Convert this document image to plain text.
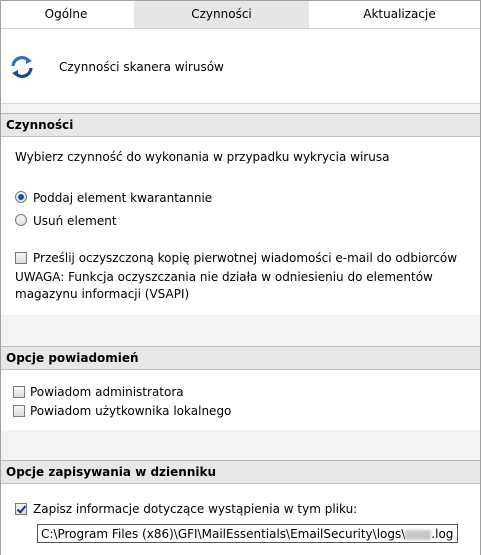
Ogólne	Czynności	Aktualizacje
Czynności skanera wirusów
Czynności
Wybierz czynność do wykonania w przypadku wykrycia wirusa
Poddaj element kwarantannie
Usuń element
Prześlij oczyszczoną kopię pierwotnej wiadomości e-mail do odbiorców
UWAGA: Funkcja oczyszczania nie działa w odniesieniu do elementów magazynu informacji (VSAPI)
Opcje powiadomień
Powiadom administratora
Powiadom użytkownika lokalnego
Opcje zapisywania w dzienniku
Zapisz informacje dotyczące wystąpienia w tym pliku:
C:\Program Files (x86)\GFI\MailEssentials\EmailSecurity\logs\ .log
